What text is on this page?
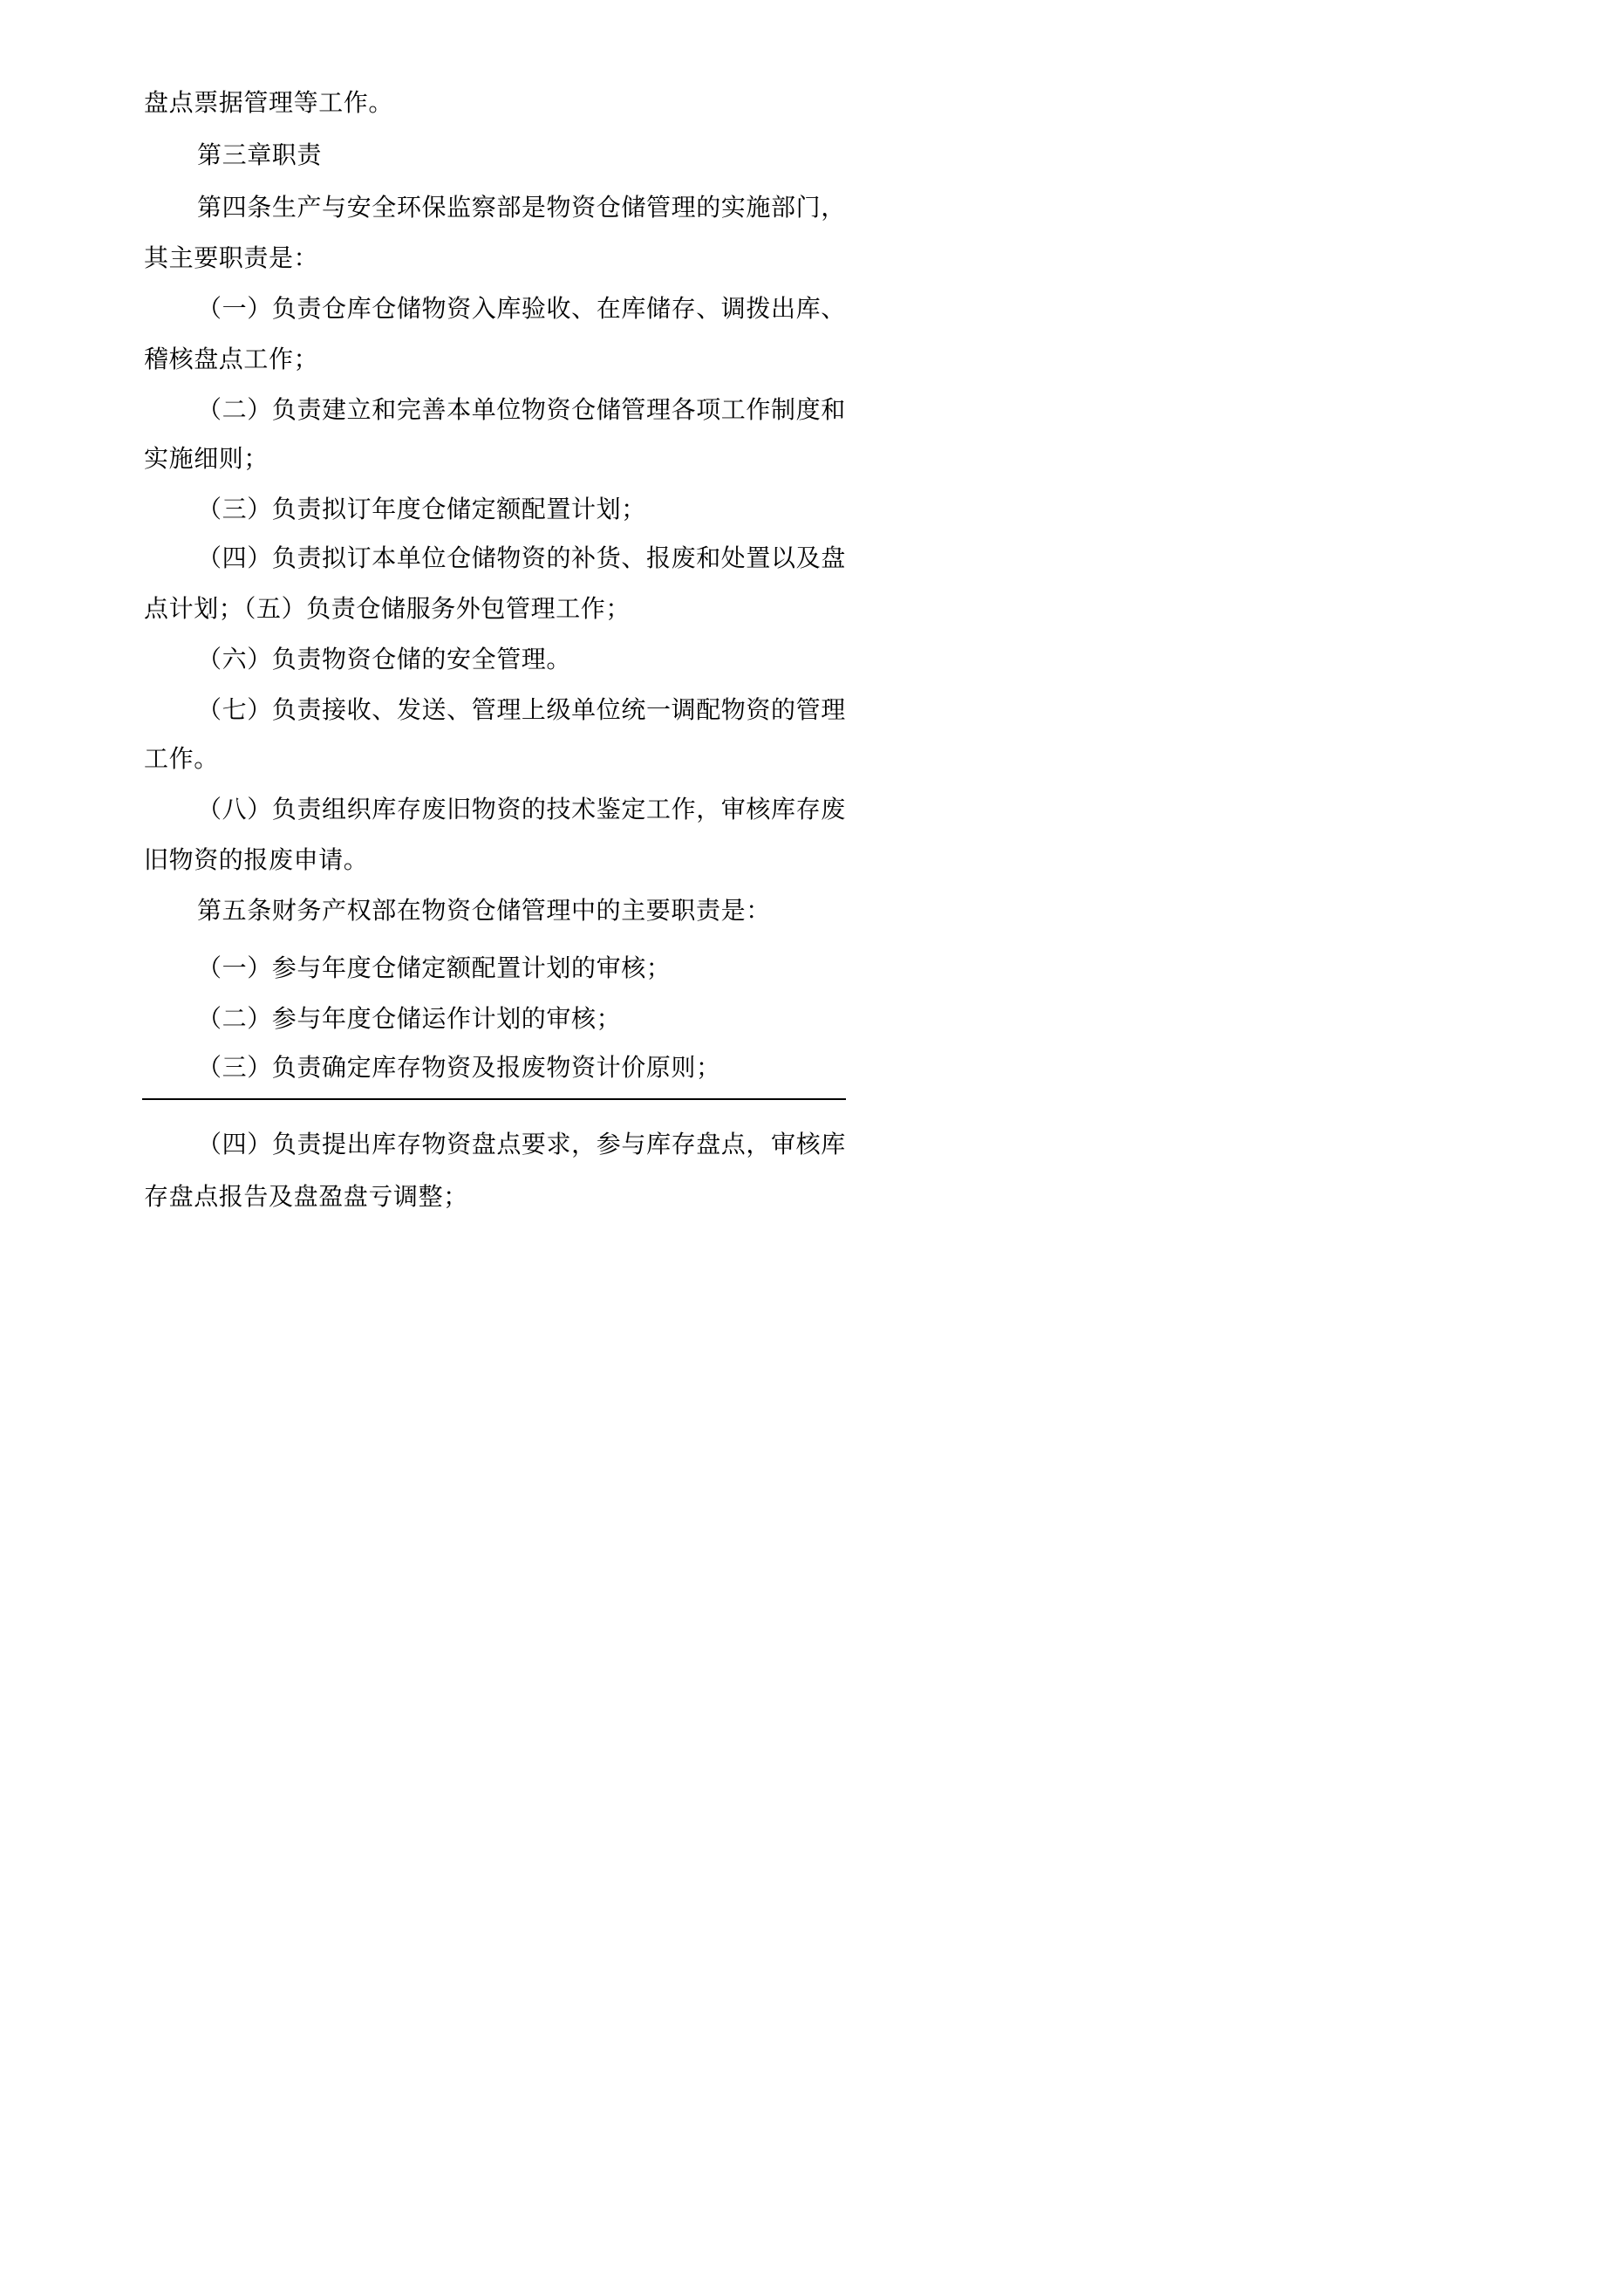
盘点票据管理等工作。
第三章职责
第 四 条 生 产 与 安 全 环 保 监 察 部 是 物 资 仓 储 管 理 的 实 施 部 门 ，
其主要职责是：
（ 一 ） 负 责 仓 库 仓 储 物 资 入 库 验 收 、 在 库 储 存 、 调 拨 出 库 、
稽核盘点工作；
（ 二 ） 负 责 建 立 和 完 善 本 单 位 物 资 仓 储 管 理 各 项 工 作 制 度 和
实施细则；
（三）负责拟订年度仓储定额配置计划；
（ 四 ） 负 责 拟 订 本 单 位 仓 储 物 资 的 补 货 、 报 废 和 处 置 以 及 盘
点计划；（五）负责仓储服务外包管理工作；
（六）负责物资仓储的安全管理。
（ 七 ） 负 责 接 收 、 发 送 、 管 理 上 级 单 位 统 一 调 配 物 资 的 管 理
工作。
（ 八 ） 负 责 组 织 库 存 废 旧 物 资 的 技 术 鉴 定 工 作 ， 审 核 库 存 废
旧物资的报废申请。
第五条财务产权部在物资仓储管理中的主要职责是：
（一）参与年度仓储定额配置计划的审核；
（二）参与年度仓储运作计划的审核；
（三）负责确定库存物资及报废物资计价原则；
（ 四 ） 负 责 提 出 库 存 物 资 盘 点 要 求 ， 参 与 库 存 盘 点 ， 审 核 库
存盘点报告及盘盈盘亏调整；
